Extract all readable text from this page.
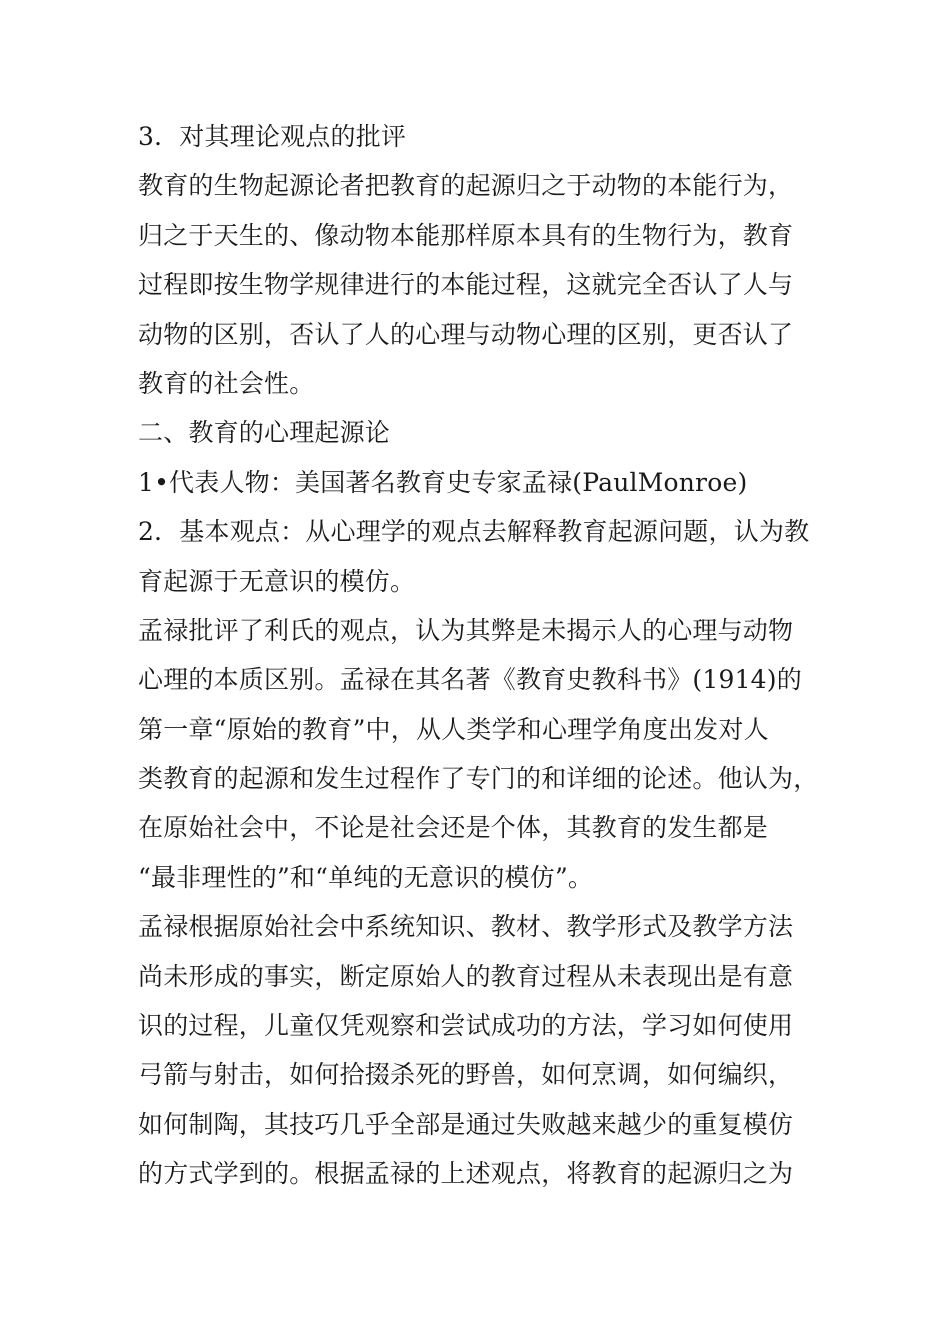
3．对其理论观点的批评
教育的生物起源论者把教育的起源归之于动物的本能行为，
归之于天生的、像动物本能那样原本具有的生物行为，教育
过程即按生物学规律进行的本能过程，这就完全否认了人与
动物的区别，否认了人的心理与动物心理的区别，更否认了
教育的社会性。
二、教育的心理起源论
1•代表人物：美国著名教育史专家孟禄(PaulMonroe)
2．基本观点：从心理学的观点去解释教育起源问题，认为教
育起源于无意识的模仿。
孟禄批评了利氏的观点，认为其弊是未揭示人的心理与动物
心理的本质区别。孟禄在其名著《教育史教科书》(1914)的
第一章“原始的教育”中，从人类学和心理学角度出发对人
类教育的起源和发生过程作了专门的和详细的论述。他认为，
在原始社会中，不论是社会还是个体，其教育的发生都是
“最非理性的”和“单纯的无意识的模仿”。
孟禄根据原始社会中系统知识、教材、教学形式及教学方法
尚未形成的事实，断定原始人的教育过程从未表现出是有意
识的过程，儿童仅凭观察和尝试成功的方法，学习如何使用
弓箭与射击，如何拾掇杀死的野兽，如何烹调，如何编织，
如何制陶，其技巧几乎全部是通过失败越来越少的重复模仿
的方式学到的。根据孟禄的上述观点，将教育的起源归之为
